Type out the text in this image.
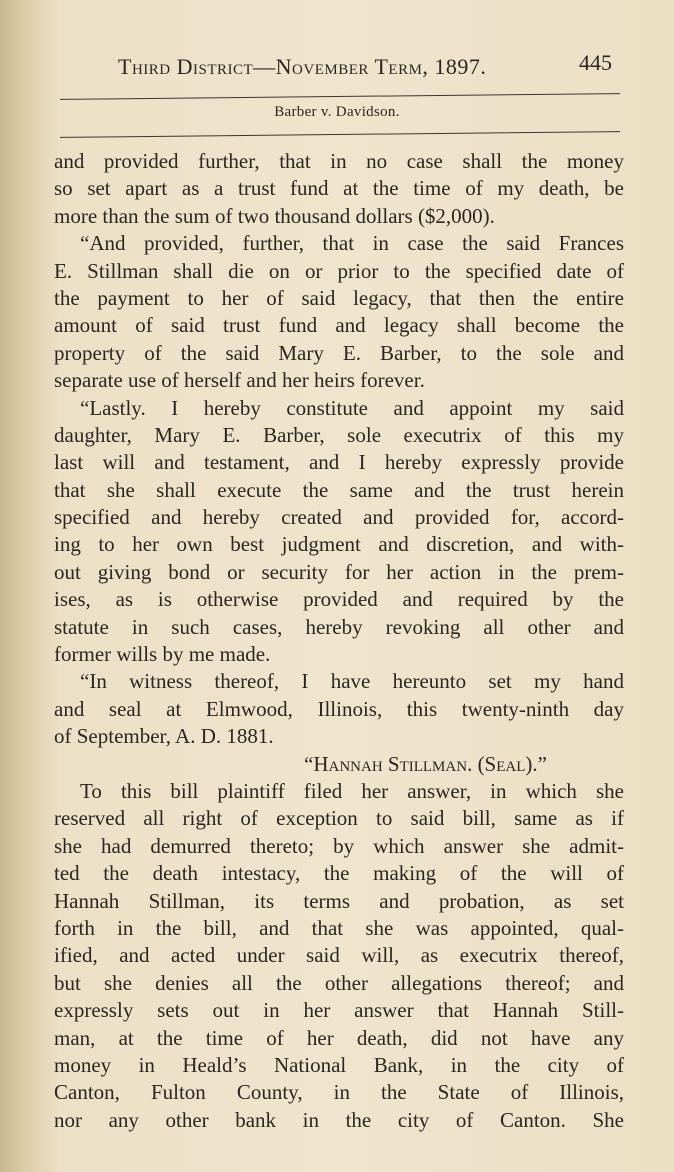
Third District—November Term, 1897.	445
Barber v. Davidson.
and provided further, that in no case shall the money
so set apart as a trust fund at the time of my death, be
more than the sum of two thousand dollars ($2,000).
“And provided, further, that in case the said Frances
E. Stillman shall die on or prior to the specified date of
the payment to her of said legacy, that then the entire
amount of said trust fund and legacy shall become the
property of the said Mary E. Barber, to the sole and
separate use of herself and her heirs forever.
“Lastly. I hereby constitute and appoint my said
daughter, Mary E. Barber, sole executrix of this my
last will and testament, and I hereby expressly provide
that she shall execute the same and the trust herein
specified and hereby created and provided for, accord-
ing to her own best judgment and discretion, and with-
out giving bond or security for her action in the prem-
ises, as is otherwise provided and required by the
statute in such cases, hereby revoking all other and
former wills by me made.
“In witness thereof, I have hereunto set my hand
and seal at Elmwood, Illinois, this twenty-ninth day
of September, A. D. 1881.
“Hannah Stillman. (Seal).”
To this bill plaintiff filed her answer, in which she
reserved all right of exception to said bill, same as if
she had demurred thereto; by which answer she admit-
ted the death intestacy, the making of the will of
Hannah Stillman, its terms and probation, as set
forth in the bill, and that she was appointed, qual-
ified, and acted under said will, as executrix thereof,
but she denies all the other allegations thereof; and
expressly sets out in her answer that Hannah Still-
man, at the time of her death, did not have any
money in Heald’s National Bank, in the city of
Canton, Fulton County, in the State of Illinois,
nor any other bank in the city of Canton. She
